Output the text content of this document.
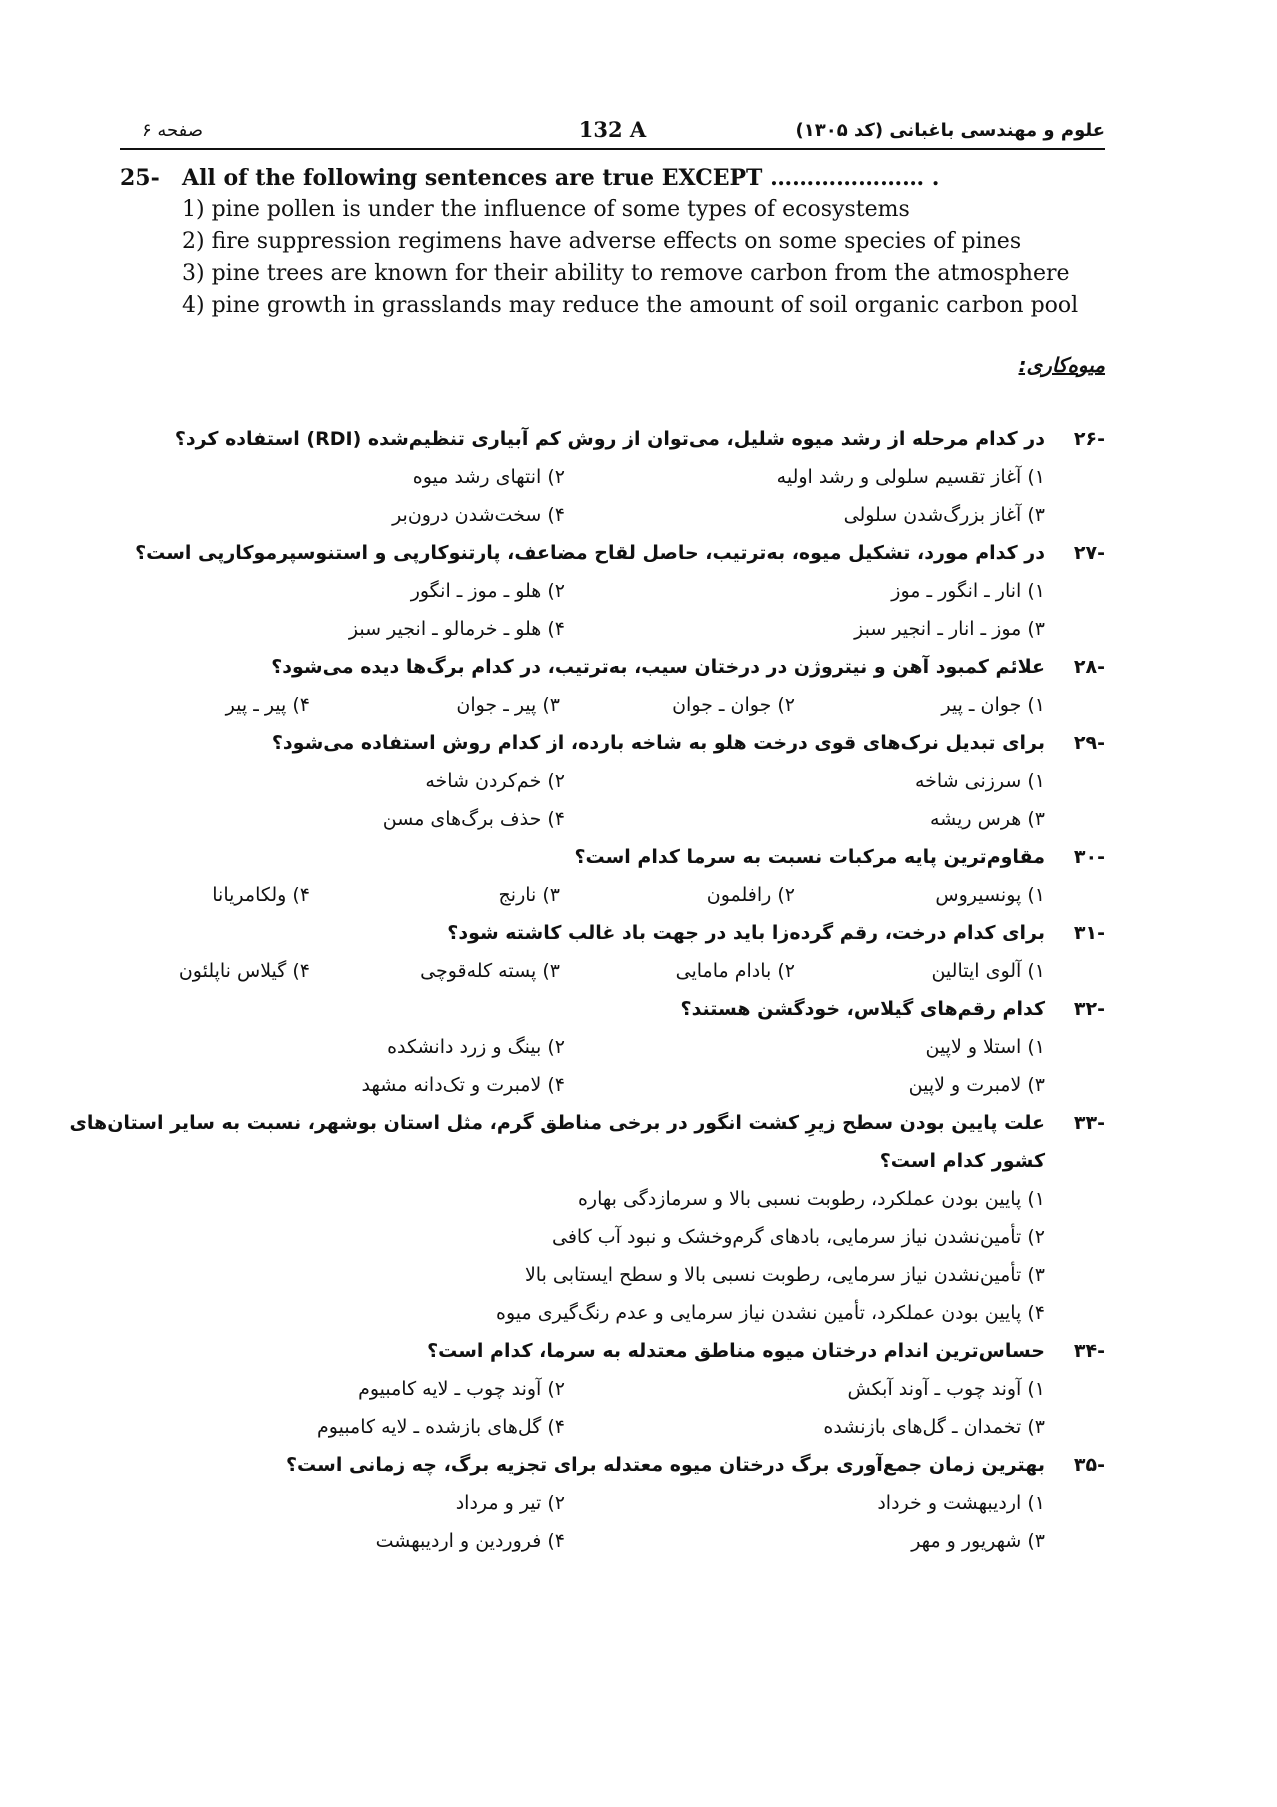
علوم و مهندسی باغبانی (کد ۱۳۰۵)
132 A
صفحه ۶
25- All of the following sentences are true EXCEPT ………………… .
1) pine pollen is under the influence of some types of ecosystems
2) fire suppression regimens have adverse effects on some species of pines
3) pine trees are known for their ability to remove carbon from the atmosphere
4) pine growth in grasslands may reduce the amount of soil organic carbon pool
میوه‌کاری:
-۲۶
در کدام مرحله از رشد میوه شلیل، می‌توان از روش کم آبیاری تنظیم‌شده (RDI) استفاده کرد؟
۱) آغاز تقسیم سلولی و رشد اولیه
۲) انتهای رشد میوه
۳) آغاز بزرگ‌شدن سلولی
۴) سخت‌شدن درون‌بر
-۲۷
در کدام مورد، تشکیل میوه، به‌ترتیب، حاصل لقاح مضاعف، پارتنوکارپی و استنوسپرموکارپی است؟
۱) انار ـ انگور ـ موز
۲) هلو ـ موز ـ انگور
۳) موز ـ انار ـ انجیر سبز
۴) هلو ـ خرمالو ـ انجیر سبز
-۲۸
علائم کمبود آهن و نیتروژن در درختان سیب، به‌ترتیب، در کدام برگ‌ها دیده می‌شود؟
۱) جوان ـ پیر
۲) جوان ـ جوان
۳) پیر ـ جوان
۴) پیر ـ پیر
-۲۹
برای تبدیل نرک‌های قوی درخت هلو به شاخه بارده، از کدام روش استفاده می‌شود؟
۱) سرزنی شاخه
۲) خم‌کردن شاخه
۳) هرس ریشه
۴) حذف برگ‌های مسن
-۳۰
مقاوم‌ترین پایه مرکبات نسبت به سرما کدام است؟
۱) پونسیروس
۲) رافلمون
۳) نارنج
۴) ولکامریانا
-۳۱
برای کدام درخت، رقم گرده‌زا باید در جهت باد غالب کاشته شود؟
۱) آلوی ایتالین
۲) بادام مامایی
۳) پسته کله‌قوچی
۴) گیلاس ناپلئون
-۳۲
کدام رقم‌های گیلاس، خودگشن هستند؟
۱) استلا و لاپین
۲) بینگ و زرد دانشکده
۳) لامبرت و لاپین
۴) لامبرت و تک‌دانه مشهد
-۳۳
علت پایین بودن سطح زیرِ کشت انگور در برخی مناطق گرم، مثل استان بوشهر، نسبت به سایر استان‌های
کشور کدام است؟
۱) پایین بودن عملکرد، رطوبت نسبی بالا و سرمازدگی بهاره
۲) تأمین‌نشدن نیاز سرمایی، بادهای گرم‌وخشک و نبود آب کافی
۳) تأمین‌نشدن نیاز سرمایی، رطوبت نسبی بالا و سطح ایستابی بالا
۴) پایین بودن عملکرد، تأمین نشدن نیاز سرمایی و عدم رنگ‌گیری میوه
-۳۴
حساس‌ترین اندام درختان میوه مناطق معتدله به سرما، کدام است؟
۱) آوند چوب ـ آوند آبکش
۲) آوند چوب ـ لایه کامبیوم
۳) تخمدان ـ گل‌های بازنشده
۴) گل‌های بازشده ـ لایه کامبیوم
-۳۵
بهترین زمان جمع‌آوری برگ درختان میوه معتدله برای تجزیه برگ، چه زمانی است؟
۱) اردیبهشت و خرداد
۲) تیر و مرداد
۳) شهریور و مهر
۴) فروردین و اردیبهشت
